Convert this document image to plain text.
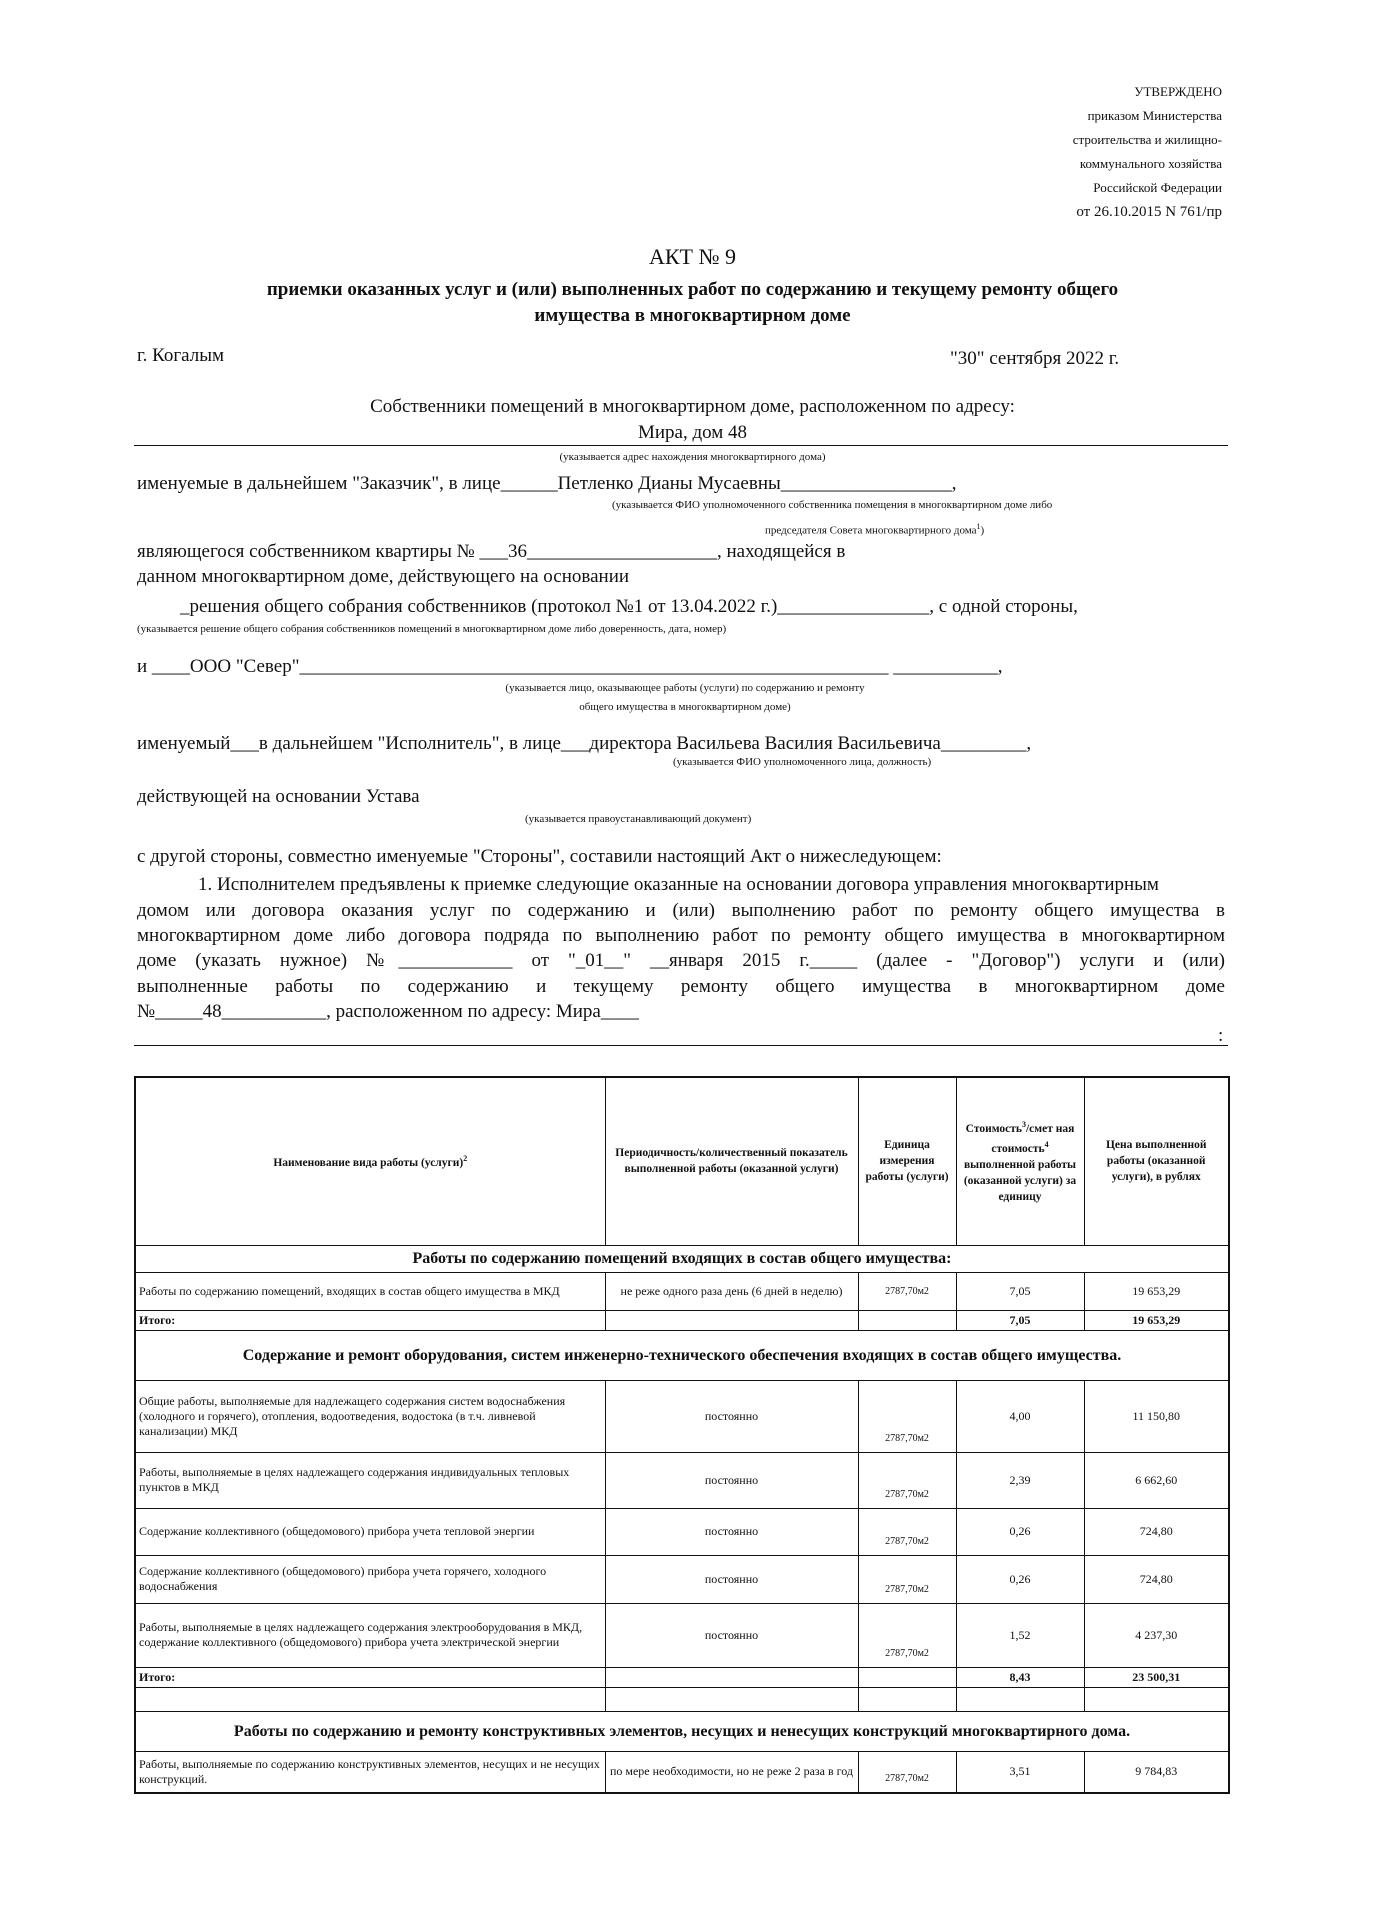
УТВЕРЖДЕНО
приказом Министерства
строительства и жилищно-
коммунального хозяйства
Российской Федерации
от 26.10.2015 N 761/пр
АКТ № 9
приемки оказанных услуг и (или) выполненных работ по содержанию и текущему ремонту общего
имущества в многоквартирном доме
г. Когалым	"30" сентября 2022 г.
Собственники помещений в многоквартирном доме, расположенном по адресу:
Мира, дом 48
(указывается адрес нахождения многоквартирного дома)
именуемые в дальнейшем "Заказчик", в лице______Петленко Дианы Мусаевны__________________,
(указывается ФИО уполномоченного собственника помещения в многоквартирном доме либо
председателя Совета многоквартирного дома$^1$)
являющегося собственником квартиры № ___36____________________, находящейся в
данном многоквартирном доме, действующего на основании
_решения общего собрания собственников (протокол №1 от 13.04.2022 г.)________________, с одной стороны,
(указывается решение общего собрания собственников помещений в многоквартирном доме либо доверенность, дата, номер)
и ____ООО "Север"______________________________________________________________ ___________,
(указывается лицо, оказывающее работы (услуги) по содержанию и ремонту
общего имущества в многоквартирном доме)
именуемый___в дальнейшем "Исполнитель", в лице___директора Васильева Василия Васильевича_________,
(указывается ФИО уполномоченного лица, должность)
действующей на основании Устава
(указывается правоустанавливающий документ)
с другой стороны, совместно именуемые "Стороны", составили настоящий Акт о нижеследующем:
1. Исполнителем предъявлены к приемке следующие оказанные на основании договора управления многоквартирным
домом или договора оказания услуг по содержанию и (или) выполнению работ по ремонту общего имущества в
многоквартирном доме либо договора подряда по выполнению работ по ремонту общего имущества в многоквартирном
доме (указать нужное) №____________ от "_01__" __января 2015 г._____ (далее - "Договор") услуги и (или)
выполненные работы по содержанию и текущему ремонту общего имущества в многоквартирном доме
№_____48___________, расположенном по адресу: Мира____
:
Наименование вида работы (услуги)$^2$	Периодичность/количественный показатель выполненной работы (оказанной услуги)	Единица измерения работы (услуги)	Стоимость$^3$/смет ная стоимость$^4$ выполненной работы (оказанной услуги) за единицу	Цена выполненной работы (оказанной услуги), в рублях
Работы по содержанию помещений входящих в состав общего имущества:				
Работы по содержанию помещений, входящих в состав общего имущества в МКД	не реже одного раза день (6 дней в неделю)	2787,70м2	7,05	19 653,29
Итого:			7,05	19 653,29
Содержание и ремонт оборудования, систем инженерно-технического обеспечения входящих в состав общего имущества.				
Общие работы, выполняемые для надлежащего содержания систем водоснабжения (холодного и горячего), отопления, водоотведения, водостока (в т.ч. ливневой канализации) МКД	постоянно	2787,70м2	4,00	11 150,80
Работы, выполняемые в целях надлежащего содержания индивидуальных тепловых пунктов в МКД	постоянно	2787,70м2	2,39	6 662,60
Содержание коллективного (общедомового) прибора учета тепловой энергии	постоянно	2787,70м2	0,26	724,80
Содержание коллективного (общедомового) прибора учета горячего, холодного водоснабжения	постоянно	2787,70м2	0,26	724,80
Работы, выполняемые в целях надлежащего содержания электрооборудования в МКД, содержание коллективного (общедомового) прибора учета электрической энергии	постоянно	2787,70м2	1,52	4 237,30
Итого:			8,43	23 500,31

Работы по содержанию и ремонту конструктивных элементов, несущих и ненесущих конструкций многоквартирного дома.				
Работы, выполняемые по содержанию конструктивных элементов, несущих и не несущих конструкций.	по мере необходимости, но не реже 2 раза в год	2787,70м2	3,51	9 784,83
